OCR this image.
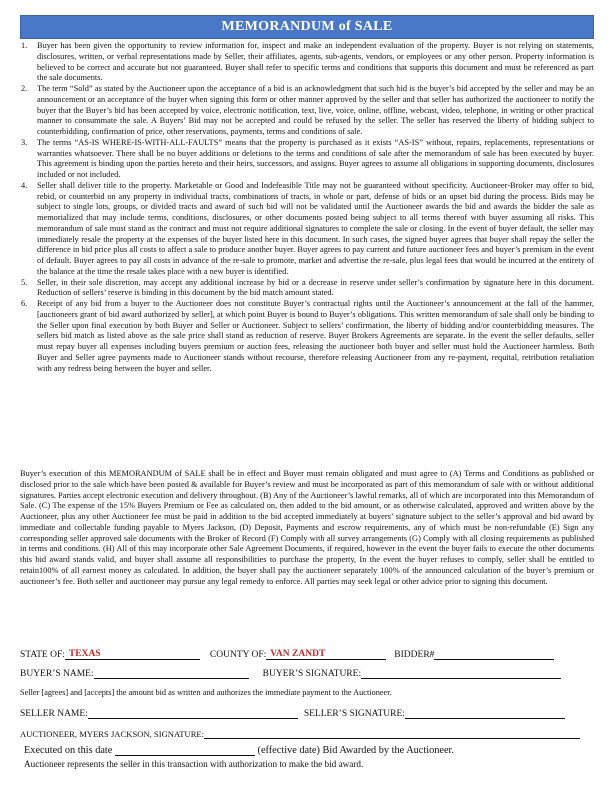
MEMORANDUM of SALE
1. Buyer has been given the opportunity to review information for, inspect and make an independent evaluation of the property. Buyer is not relying on statements, disclosures, written, or verbal representations made by Seller, their affiliates, agents, sub-agents, vendors, or employees or any other person. Property information is believed to be correct and accurate but not guaranteed. Buyer shall refer to specific terms and conditions that supports this document and must be referenced as part the sale documents.
2. The term “Sold” as stated by the Auctioneer upon the acceptance of a bid is an acknowledgment that such bid is the buyer’s bid accepted by the seller and may be an announcement or an acceptance of the buyer when signing this form or other manner approved by the seller and that seller has authorized the auctioneer to notify the buyer that the Buyer’s bid has been accepted by voice, electronic notification, text, live, voice, online, offline, webcast, video, telephone, in writing or other practical manner to consummate the sale. A Buyers’ Bid may not be accepted and could be refused by the seller. The seller has reserved the liberty of bidding subject to counterbidding, confirmation of price, other reservations, payments, terms and conditions of sale.
3. The terms “AS-IS WHERE-IS-WITH-ALL-FAULTS” means that the property is purchased as it exists “AS-IS” without, repairs, replacements, representations or warranties whatsoever. There shall be no buyer additions or deletions to the terms and conditions of sale after the memorandum of sale has been executed by buyer. This agreement is binding upon the parties hereto and their heirs, successors, and assigns. Buyer agrees to assume all obligations in supporting documents, disclosures included or not included.
4. Seller shall deliver title to the property. Marketable or Good and Indefeasible Title may not be guaranteed without specificity. Auctioneer-Broker may offer to bid, rebid, or counterbid on any property in individual tracts, combinations of tracts, in whole or part, defense of bids or an upset bid during the process. Bids may be subject to single lots, groups, or divided tracts and award of such bid will not be validated until the Auctioneer awards the bid and awards the bidder the sale as memorialized that may include terms, conditions, disclosures, or other documents posted being subject to all terms thereof with buyer assuming all risks. This memorandum of sale must stand as the contract and must not require additional signatures to complete the sale or closing. In the event of buyer default, the seller may immediately resale the property at the expenses of the buyer listed here in this document. In such cases, the signed buyer agrees that buyer shall repay the seller the difference in bid price plus all costs to affect a sale to produce another buyer. Buyer agrees to pay current and future auctioneer fees and buyer’s premium in the event of default. Buyer agrees to pay all costs in advance of the re-sale to promote, market and advertise the re-sale, plus legal fees that would be incurred at the entirety of the balance at the time the resale takes place with a new buyer is identified.
5. Seller, in their sole discretion, may accept any additional increase by bid or a decrease in reserve under seller’s confirmation by signature here in this document. Reduction of sellers’ reserve is binding in this document by the bid match amount stated.
6. Receipt of any bid from a buyer to the Auctioneer does not constitute Buyer’s contractual rights until the Auctioneer’s announcement at the fall of the hammer, [auctioneers grant of bid award authorized by seller], at which point Buyer is bound to Buyer’s obligations. This written memorandum of sale shall only be binding to the Seller upon final execution by both Buyer and Seller or Auctioneer. Subject to sellers’ confirmation, the liberty of bidding and/or counterbidding measures. The sellers bid match as listed above as the sale price shall stand as reduction of reserve. Buyer Brokers Agreements are separate. In the event the seller defaults, seller must repay buyer all expenses including buyers premium or auction fees, releasing the auctioneer both buyer and seller must hold the Auctioneer harmless. Both Buyer and Seller agree payments made to Auctioneer stands without recourse, therefore releasing Auctioneer from any re-payment, requital, retribution retaliation with any redress being between the buyer and seller.

Buyer’s execution of this MEMORANDUM of SALE shall be in effect and Buyer must remain obligated and must agree to (A) Terms and Conditions as published or disclosed prior to the sale which have been posted & available for Buyer’s review and must be incorporated as part of this memorandum of sale with or without additional signatures. Parties accept electronic execution and delivery throughout. (B) Any of the Auctioneer’s lawful remarks, all of which are incorporated into this Memorandum of Sale. (C) The expense of the 15% Buyers Premium or Fee as calculated on, then added to the bid amount, or as otherwise calculated, approved and written above by the Auctioneer, plus any other Auctioneer fee must be paid in addition to the bid accepted immediately at buyers’ signature subject to the seller’s approval and bid award by immediate and collectable funding payable to Myers Jackson, (D) Deposit, Payments and escrow requirements, any of which must be non-refundable (E) Sign any corresponding seller approved sale documents with the Broker of Record (F) Comply with all survey arrangements (G) Comply with all closing requirements as published in terms and conditions. (H) All of this may incorporate other Sale Agreement Documents, if required, however in the event the buyer fails to execute the other documents this bid award stands valid, and buyer shall assume all responsibilities to purchase the property, In the event the buyer refuses to comply, seller shall be entitled to retain100% of all earnest money as calculated. In addition, the buyer shall pay the auctioneer separately 100% of the announced calculation of the buyer’s premium or auctioneer’s fee. Both seller and auctioneer may pursue any legal remedy to enforce. All parties may seek legal or other advice prior to signing this document.

STATE OF: TEXAS	COUNTY OF: VAN ZANDT	BIDDER#
BUYER’S NAME:	BUYER’S SIGNATURE:
Seller [agrees] and [accepts] the amount bid as written and authorizes the immediate payment to the Auctioneer.
SELLER NAME:	SELLER’S SIGNATURE:
AUCTIONEER, MYERS JACKSON, SIGNATURE:
Executed on this date	(effective date) Bid Awarded by the Auctioneer.
Auctioneer represents the seller in this transaction with authorization to make the bid award.
